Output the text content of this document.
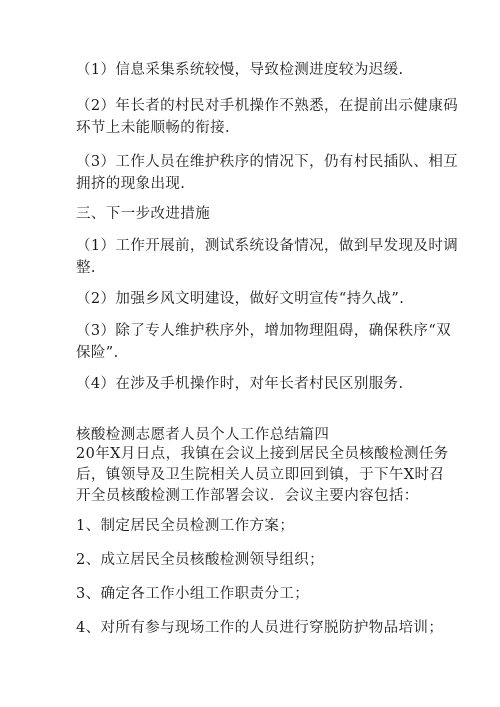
（1）信息采集系统较慢，导致检测进度较为迟缓.
（2）年长者的村民对手机操作不熟悉，在提前出示健康码
环节上未能顺畅的衔接.
（3）工作人员在维护秩序的情况下，仍有村民插队、相互
拥挤的现象出现.
三、下一步改进措施
（1）工作开展前，测试系统设备情况，做到早发现及时调
整.
（2）加强乡风文明建设，做好文明宣传“持久战”.
（3）除了专人维护秩序外，增加物理阻碍，确保秩序“双
保险”.
（4）在涉及手机操作时，对年长者村民区别服务.
核酸检测志愿者人员个人工作总结篇四
20年X月日点，我镇在会议上接到居民全员核酸检测任务
后，镇领导及卫生院相关人员立即回到镇，于下午X时召
开全员核酸检测工作部署会议．会议主要内容包括：
1、制定居民全员检测工作方案；
2、成立居民全员核酸检测领导组织；
3、确定各工作小组工作职责分工；
4、对所有参与现场工作的人员进行穿脱防护物品培训；
